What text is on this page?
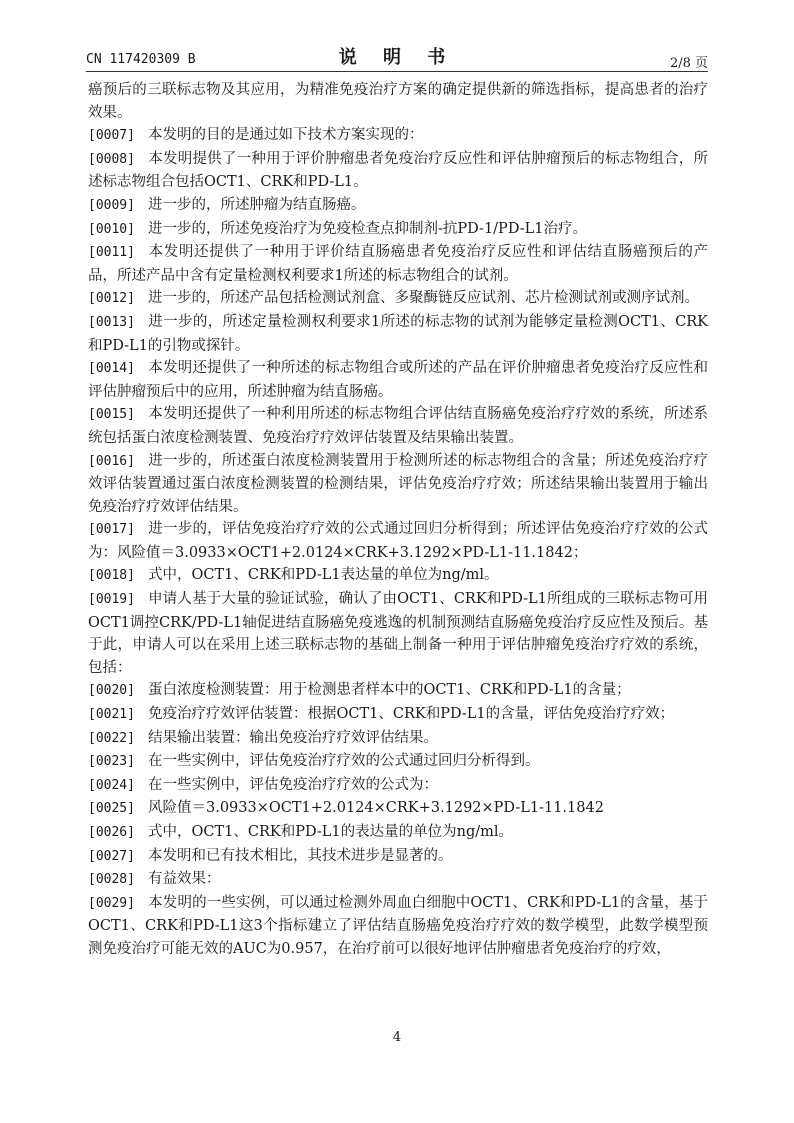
CN 117420309 B	说 明 书	2/8 页
癌预后的三联标志物及其应用，为精准免疫治疗方案的确定提供新的筛选指标，提高患者的治疗效果。
[0007] 本发明的目的是通过如下技术方案实现的：
[0008] 本发明提供了一种用于评价肿瘤患者免疫治疗反应性和评估肿瘤预后的标志物组合，所述标志物组合包括OCT1、CRK和PD-L1。
[0009] 进一步的，所述肿瘤为结直肠癌。
[0010] 进一步的，所述免疫治疗为免疫检查点抑制剂-抗PD-1/PD-L1治疗。
[0011] 本发明还提供了一种用于评价结直肠癌患者免疫治疗反应性和评估结直肠癌预后的产品，所述产品中含有定量检测权利要求1所述的标志物组合的试剂。
[0012] 进一步的，所述产品包括检测试剂盒、多聚酶链反应试剂、芯片检测试剂或测序试剂。
[0013] 进一步的，所述定量检测权利要求1所述的标志物的试剂为能够定量检测OCT1、CRK和PD-L1的引物或探针。
[0014] 本发明还提供了一种所述的标志物组合或所述的产品在评价肿瘤患者免疫治疗反应性和评估肿瘤预后中的应用，所述肿瘤为结直肠癌。
[0015] 本发明还提供了一种利用所述的标志物组合评估结直肠癌免疫治疗疗效的系统，所述系统包括蛋白浓度检测装置、免疫治疗疗效评估装置及结果输出装置。
[0016] 进一步的，所述蛋白浓度检测装置用于检测所述的标志物组合的含量；所述免疫治疗疗效评估装置通过蛋白浓度检测装置的检测结果，评估免疫治疗疗效；所述结果输出装置用于输出免疫治疗疗效评估结果。
[0017] 进一步的，评估免疫治疗疗效的公式通过回归分析得到；所述评估免疫治疗疗效的公式为：风险值＝3.0933×OCT1+2.0124×CRK+3.1292×PD-L1-11.1842；
[0018] 式中，OCT1、CRK和PD-L1表达量的单位为ng/ml。
[0019] 申请人基于大量的验证试验，确认了由OCT1、CRK和PD-L1所组成的三联标志物可用OCT1调控CRK/PD-L1轴促进结直肠癌免疫逃逸的机制预测结直肠癌免疫治疗反应性及预后。基于此，申请人可以在采用上述三联标志物的基础上制备一种用于评估肿瘤免疫治疗疗效的系统，包括：
[0020] 蛋白浓度检测装置：用于检测患者样本中的OCT1、CRK和PD-L1的含量；
[0021] 免疫治疗疗效评估装置：根据OCT1、CRK和PD-L1的含量，评估免疫治疗疗效；
[0022] 结果输出装置：输出免疫治疗疗效评估结果。
[0023] 在一些实例中，评估免疫治疗疗效的公式通过回归分析得到。
[0024] 在一些实例中，评估免疫治疗疗效的公式为：
[0025] 风险值＝3.0933×OCT1+2.0124×CRK+3.1292×PD-L1-11.1842
[0026] 式中，OCT1、CRK和PD-L1的表达量的单位为ng/ml。
[0027] 本发明和已有技术相比，其技术进步是显著的。
[0028] 有益效果：
[0029] 本发明的一些实例，可以通过检测外周血白细胞中OCT1、CRK和PD-L1的含量，基于OCT1、CRK和PD-L1这3个指标建立了评估结直肠癌免疫治疗疗效的数学模型，此数学模型预测免疫治疗可能无效的AUC为0.957，在治疗前可以很好地评估肿瘤患者免疫治疗的疗效，
4
